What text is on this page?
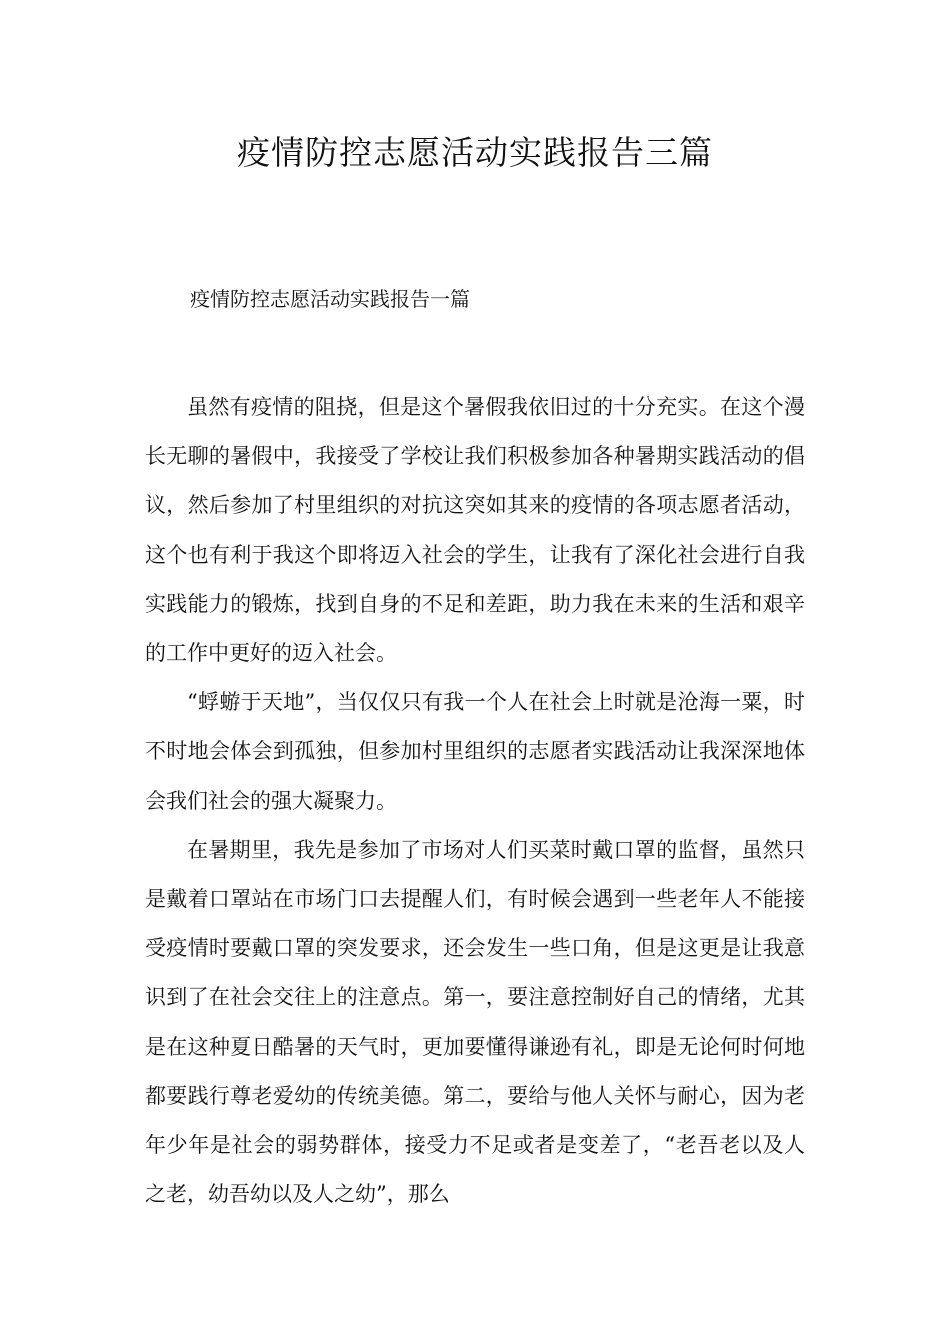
疫情防控志愿活动实践报告三篇
疫情防控志愿活动实践报告一篇

虽然有疫情的阻挠，但是这个暑假我依旧过的十分充实。在这个漫长无聊的暑假中，我接受了学校让我们积极参加各种暑期实践活动的倡议，然后参加了村里组织的对抗这突如其来的疫情的各项志愿者活动，这个也有利于我这个即将迈入社会的学生，让我有了深化社会进行自我实践能力的锻炼，找到自身的不足和差距，助力我在未来的生活和艰辛的工作中更好的迈入社会。

“蜉蝣于天地”，当仅仅只有我一个人在社会上时就是沧海一粟，时不时地会体会到孤独，但参加村里组织的志愿者实践活动让我深深地体会我们社会的强大凝聚力。

在暑期里，我先是参加了市场对人们买菜时戴口罩的监督，虽然只是戴着口罩站在市场门口去提醒人们，有时候会遇到一些老年人不能接受疫情时要戴口罩的突发要求，还会发生一些口角，但是这更是让我意识到了在社会交往上的注意点。第一，要注意控制好自己的情绪，尤其是在这种夏日酷暑的天气时，更加要懂得谦逊有礼，即是无论何时何地都要践行尊老爱幼的传统美德。第二，要给与他人关怀与耐心，因为老年少年是社会的弱势群体，接受力不足或者是变差了，“老吾老以及人之老，幼吾幼以及人之幼”，那么
